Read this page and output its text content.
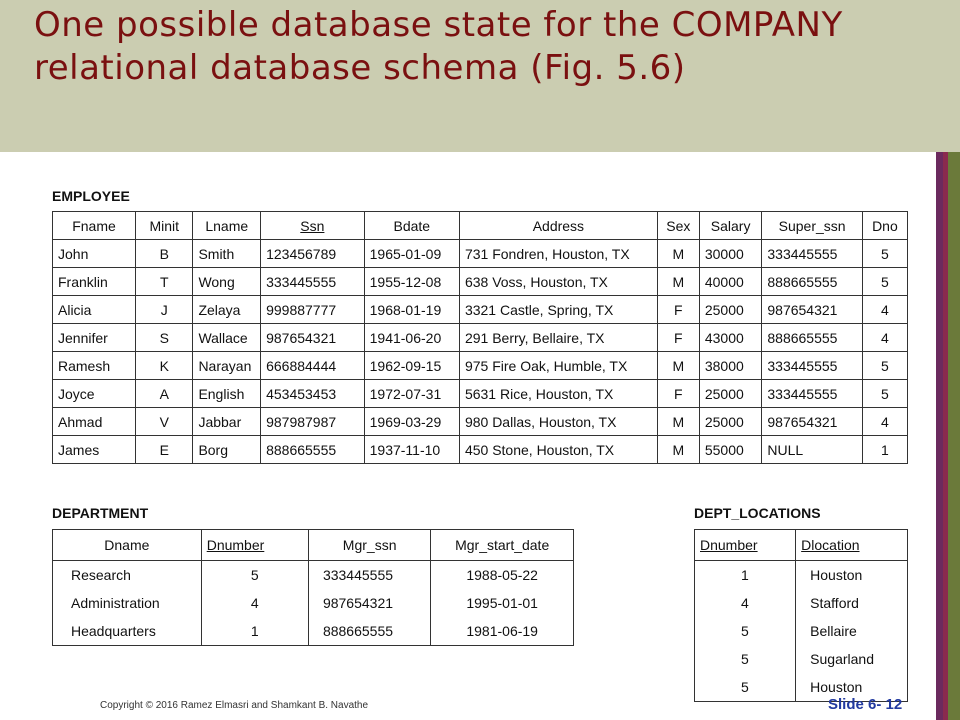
One possible database state for the COMPANY relational database schema (Fig. 5.6)
EMPLOYEE
Fname	Minit	Lname	Ssn	Bdate	Address	Sex	Salary	Super_ssn	Dno
John	B	Smith	123456789	1965-01-09	731 Fondren, Houston, TX	M	30000	333445555	5
Franklin	T	Wong	333445555	1955-12-08	638 Voss, Houston, TX	M	40000	888665555	5
Alicia	J	Zelaya	999887777	1968-01-19	3321 Castle, Spring, TX	F	25000	987654321	4
Jennifer	S	Wallace	987654321	1941-06-20	291 Berry, Bellaire, TX	F	43000	888665555	4
Ramesh	K	Narayan	666884444	1962-09-15	975 Fire Oak, Humble, TX	M	38000	333445555	5
Joyce	A	English	453453453	1972-07-31	5631 Rice, Houston, TX	F	25000	333445555	5
Ahmad	V	Jabbar	987987987	1969-03-29	980 Dallas, Houston, TX	M	25000	987654321	4
James	E	Borg	888665555	1937-11-10	450 Stone, Houston, TX	M	55000	NULL	1
DEPARTMENT
Dname	Dnumber	Mgr_ssn	Mgr_start_date
Research	5	333445555	1988-05-22
Administration	4	987654321	1995-01-01
Headquarters	1	888665555	1981-06-19
DEPT_LOCATIONS
Dnumber	Dlocation
1	Houston
4	Stafford
5	Bellaire
5	Sugarland
5	Houston
Copyright © 2016 Ramez Elmasri and Shamkant B. Navathe	Slide 6- 12
